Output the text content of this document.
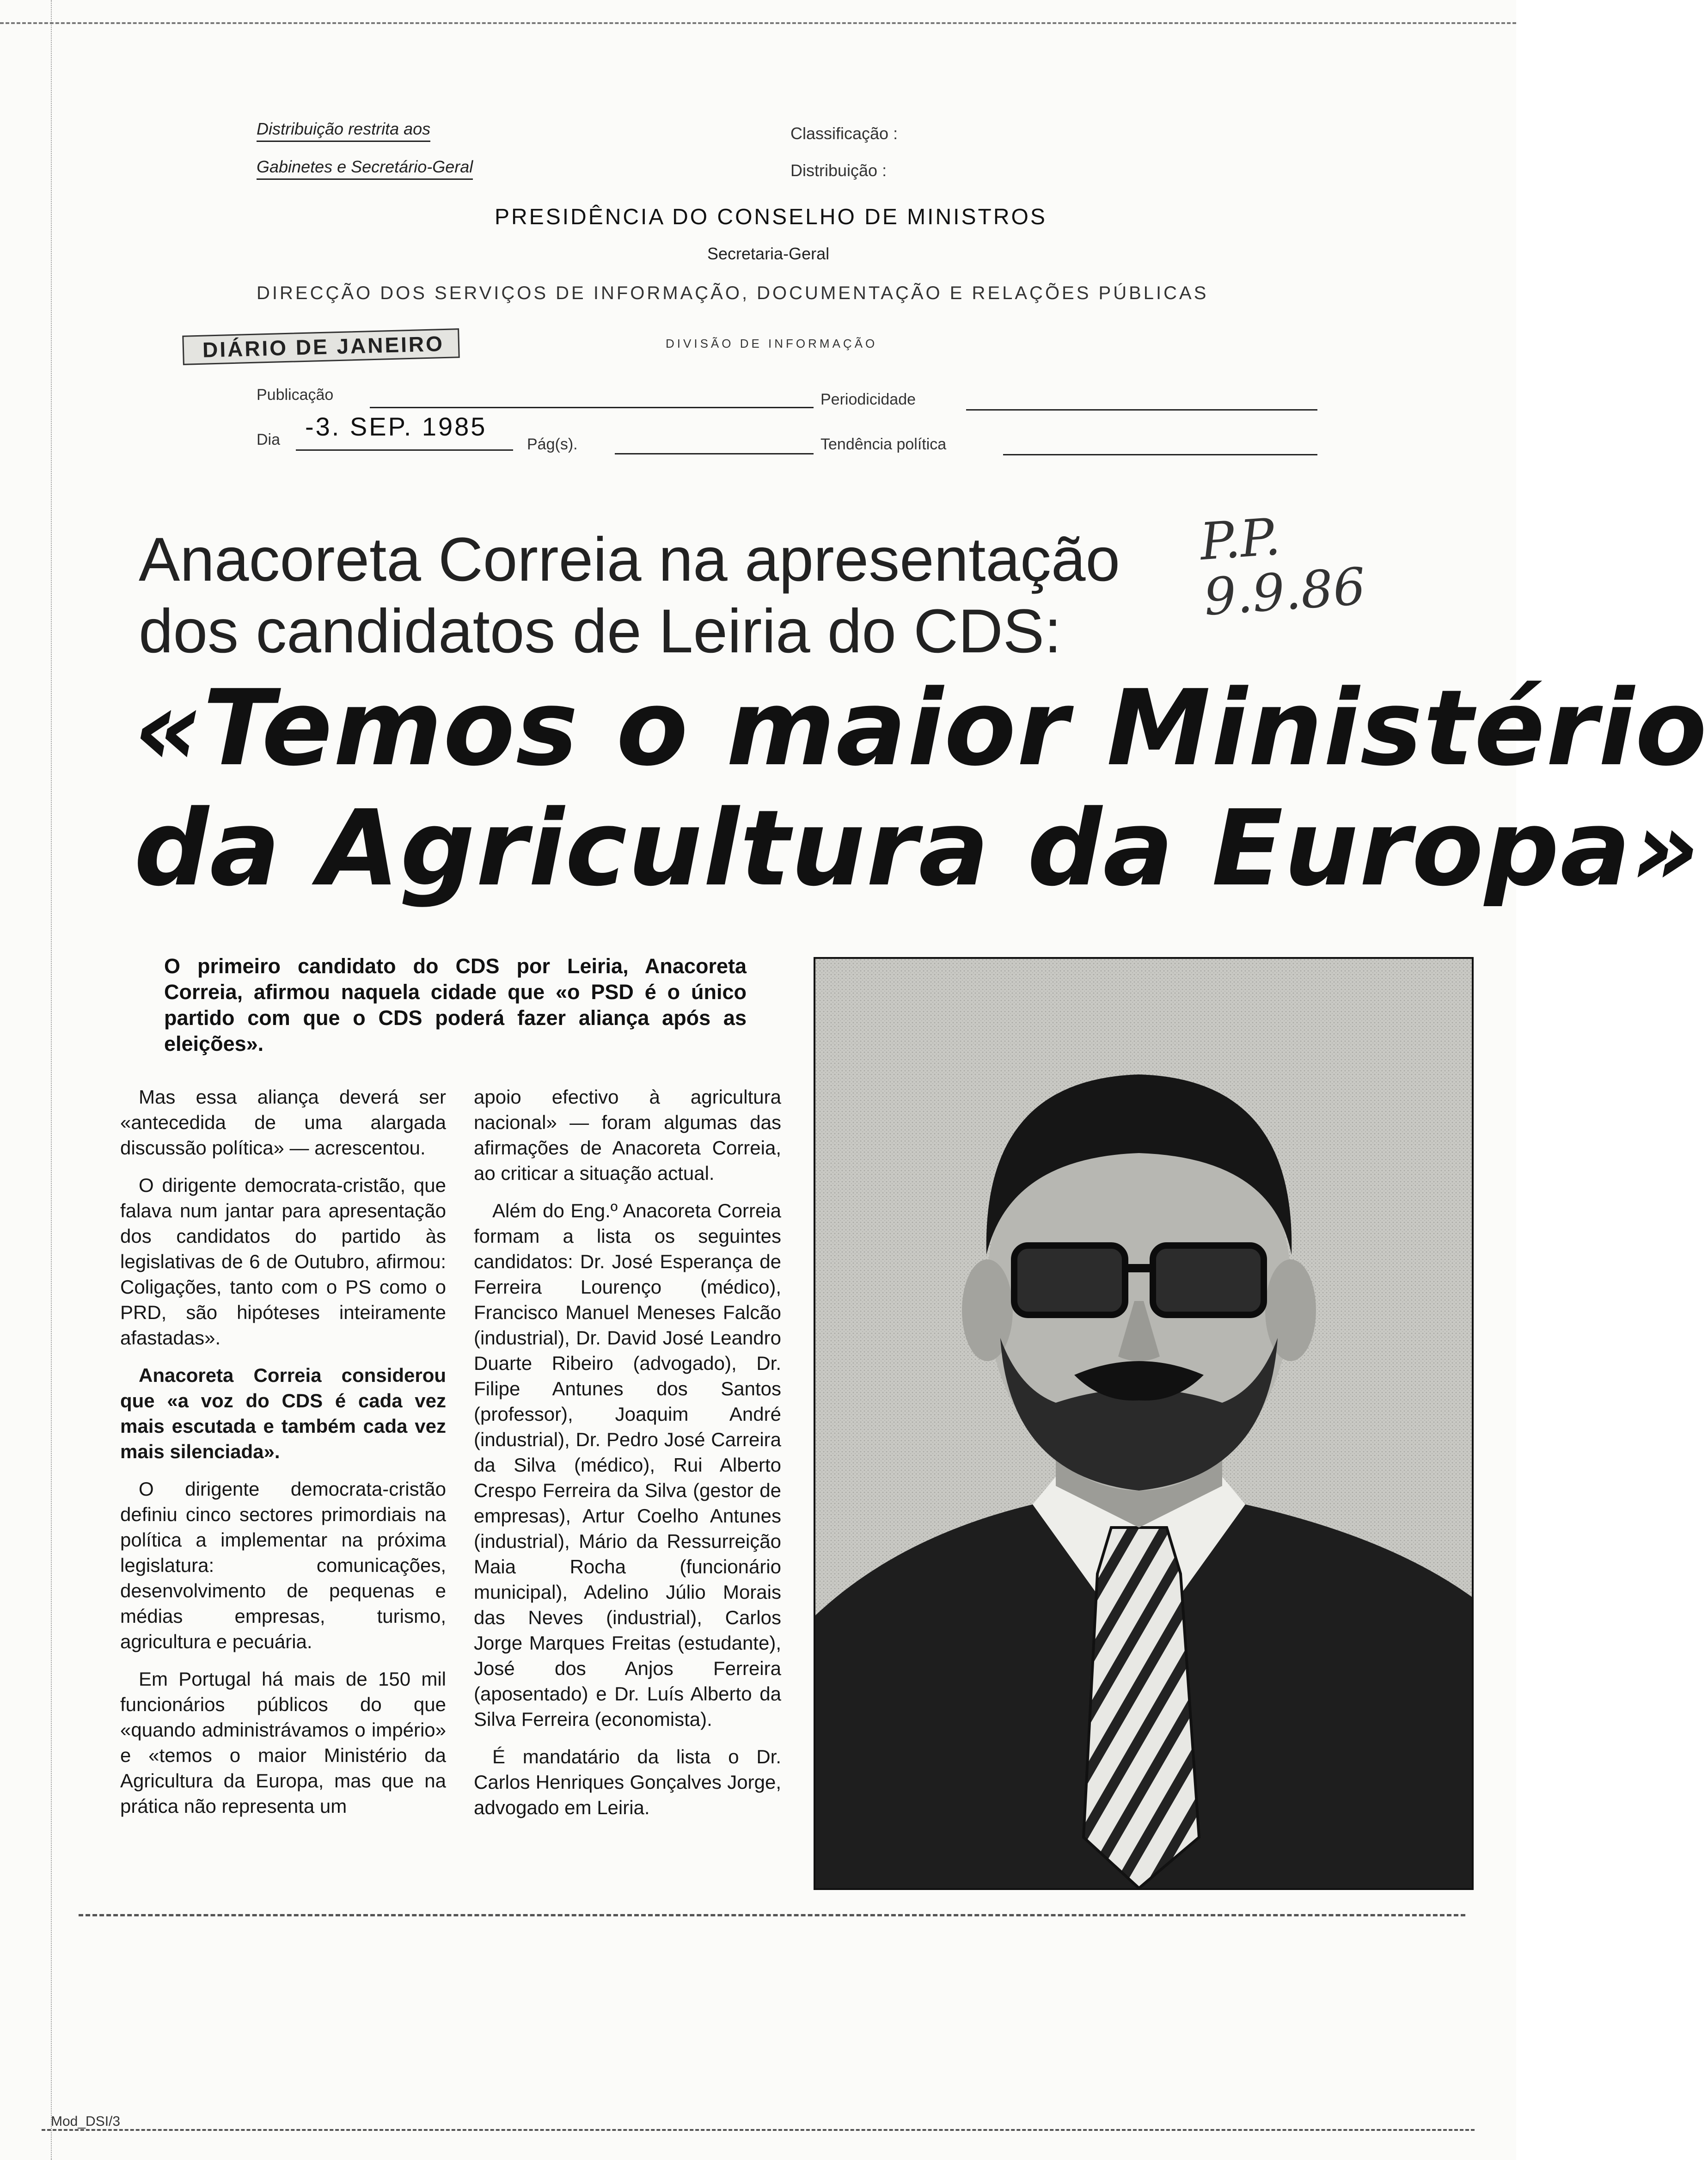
Distribuição restrita aos
Gabinetes e Secretário-Geral
Classificação :
Distribuição :
PRESIDÊNCIA DO CONSELHO DE MINISTROS
Secretaria-Geral
DIRECÇÃO DOS SERVIÇOS DE INFORMAÇÃO, DOCUMENTAÇÃO E RELAÇÕES PÚBLICAS
DIVISÃO DE INFORMAÇÃO
DIÁRIO DE JANEIRO
Publicação	Periodicidade
Dia -3. SEP. 1985
Pág(s).	Tendência política
P.P.
9.9.86
Anacoreta Correia na apresentação
dos candidatos de Leiria do CDS:
«Temos o maior Ministério
da Agricultura da Europa»
O primeiro candidato do CDS por Leiria, Anacoreta Correia, afirmou naquela cidade que «o PSD é o único partido com que o CDS poderá fazer aliança após as eleições».

Mas essa aliança deverá ser «antecedida de uma alargada discussão política» — acrescentou.

O dirigente democrata-cristão, que falava num jantar para apresentação dos candidatos do partido às legislativas de 6 de Outubro, afirmou: Coligações, tanto com o PS como o PRD, são hipóteses inteiramente afastadas».

Anacoreta Correia considerou que «a voz do CDS é cada vez mais escutada e também cada vez mais silenciada».

O dirigente democrata-cristão definiu cinco sectores primordiais na política a implementar na próxima legislatura: comunicações, desenvolvimento de pequenas e médias empresas, turismo, agricultura e pecuária.

Em Portugal há mais de 150 mil funcionários públicos do que «quando administrávamos o império» e «temos o maior Ministério da Agricultura da Europa, mas que na prática não representa um

apoio efectivo à agricultura nacional» — foram algumas das afirmações de Anacoreta Correia, ao criticar a situação actual.

Além do Eng.º Anacoreta Correia formam a lista os seguintes candidatos: Dr. José Esperança de Ferreira Lourenço (médico), Francisco Manuel Meneses Falcão (industrial), Dr. David José Leandro Duarte Ribeiro (advogado), Dr. Filipe Antunes dos Santos (professor), Joaquim André (industrial), Dr. Pedro José Carreira da Silva (médico), Rui Alberto Crespo Ferreira da Silva (gestor de empresas), Artur Coelho Antunes (industrial), Mário da Ressurreição Maia Rocha (funcionário municipal), Adelino Júlio Morais das Neves (industrial), Carlos Jorge Marques Freitas (estudante), José dos Anjos Ferreira (aposentado) e Dr. Luís Alberto da Silva Ferreira (economista).

É mandatário da lista o Dr. Carlos Henriques Gonçalves Jorge, advogado em Leiria.

Mod_DSI/3
